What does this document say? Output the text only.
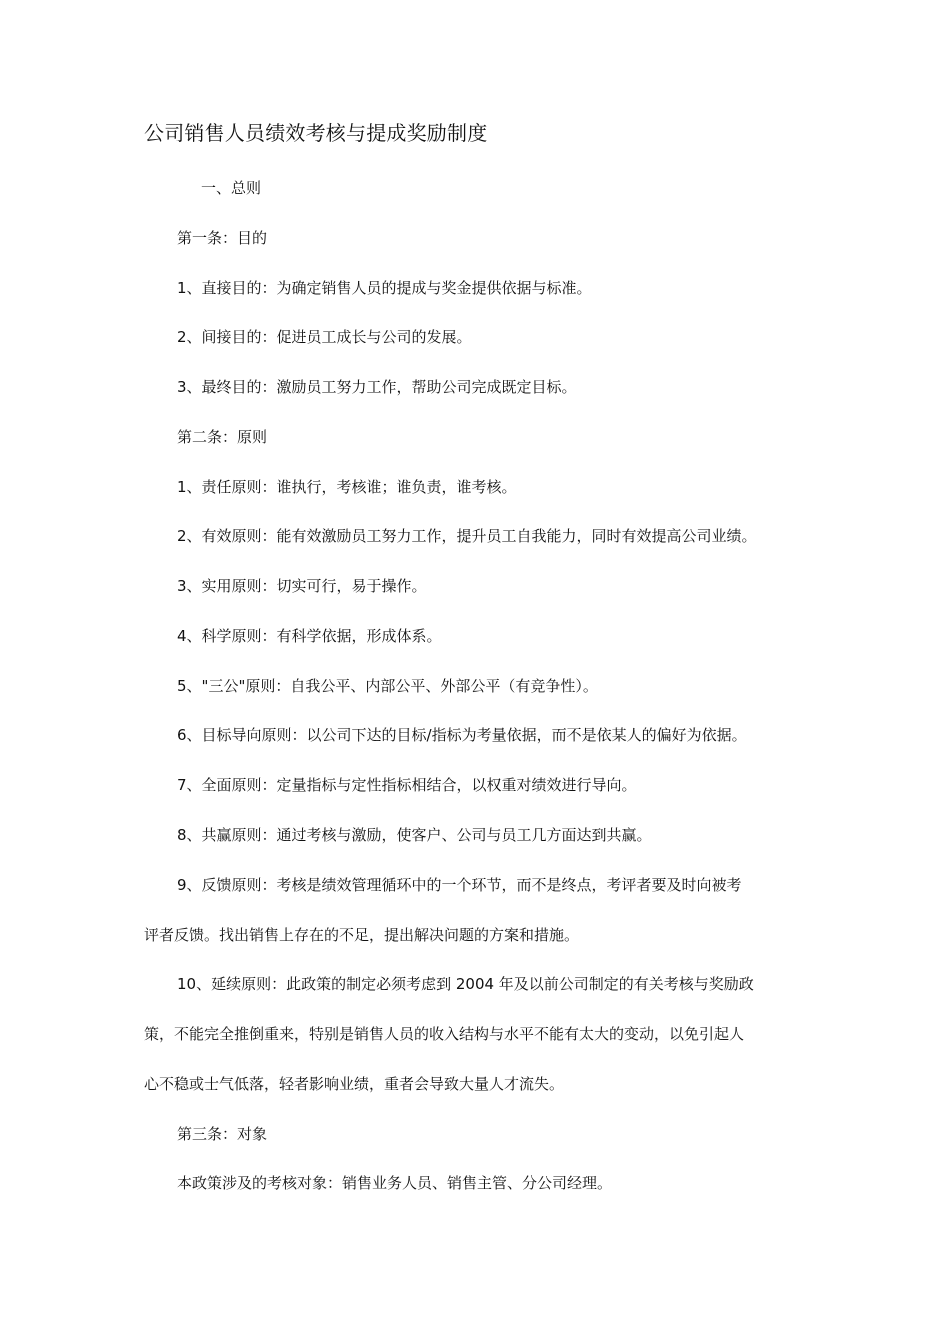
公司销售人员绩效考核与提成奖励制度
一、总则
第一条：目的
1、直接目的：为确定销售人员的提成与奖金提供依据与标准。
2、间接目的：促进员工成长与公司的发展。
3、最终目的：激励员工努力工作，帮助公司完成既定目标。
第二条：原则
1、责任原则：谁执行，考核谁；谁负责，谁考核。
2、有效原则：能有效激励员工努力工作，提升员工自我能力，同时有效提高公司业绩。
3、实用原则：切实可行，易于操作。
4、科学原则：有科学依据，形成体系。
5、"三公"原则：自我公平、内部公平、外部公平（有竞争性）。
6、目标导向原则：以公司下达的目标/指标为考量依据，而不是依某人的偏好为依据。
7、全面原则：定量指标与定性指标相结合，以权重对绩效进行导向。
8、共赢原则：通过考核与激励，使客户、公司与员工几方面达到共赢。
9、反馈原则：考核是绩效管理循环中的一个环节，而不是终点，考评者要及时向被考
评者反馈。找出销售上存在的不足，提出解决问题的方案和措施。
10、延续原则：此政策的制定必须考虑到 2004 年及以前公司制定的有关考核与奖励政
策，不能完全推倒重来，特别是销售人员的收入结构与水平不能有太大的变动，以免引起人
心不稳或士气低落，轻者影响业绩，重者会导致大量人才流失。
第三条：对象
本政策涉及的考核对象：销售业务人员、销售主管、分公司经理。
